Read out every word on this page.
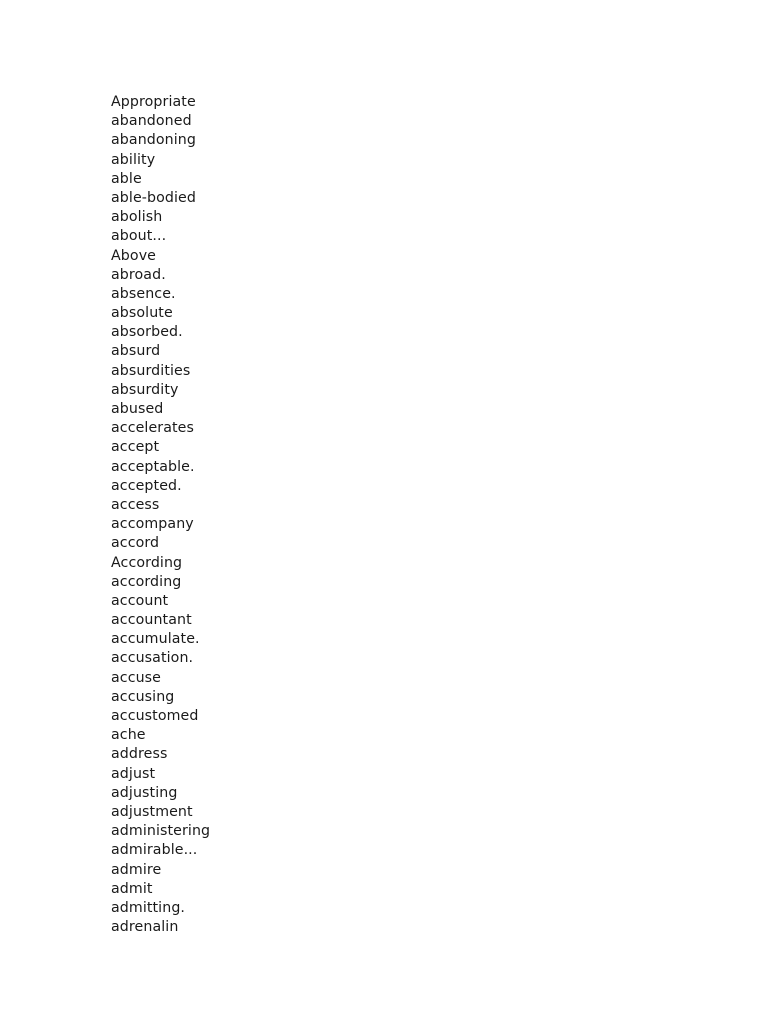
Appropriate
abandoned
abandoning
ability
able
able-bodied
abolish
about...
Above
abroad.
absence.
absolute
absorbed.
absurd
absurdities
absurdity
abused
accelerates
accept
acceptable.
accepted.
access
accompany
accord
According
according
account
accountant
accumulate.
accusation.
accuse
accusing
accustomed
ache
address
adjust
adjusting
adjustment
administering
admirable...
admire
admit
admitting.
adrenalin
